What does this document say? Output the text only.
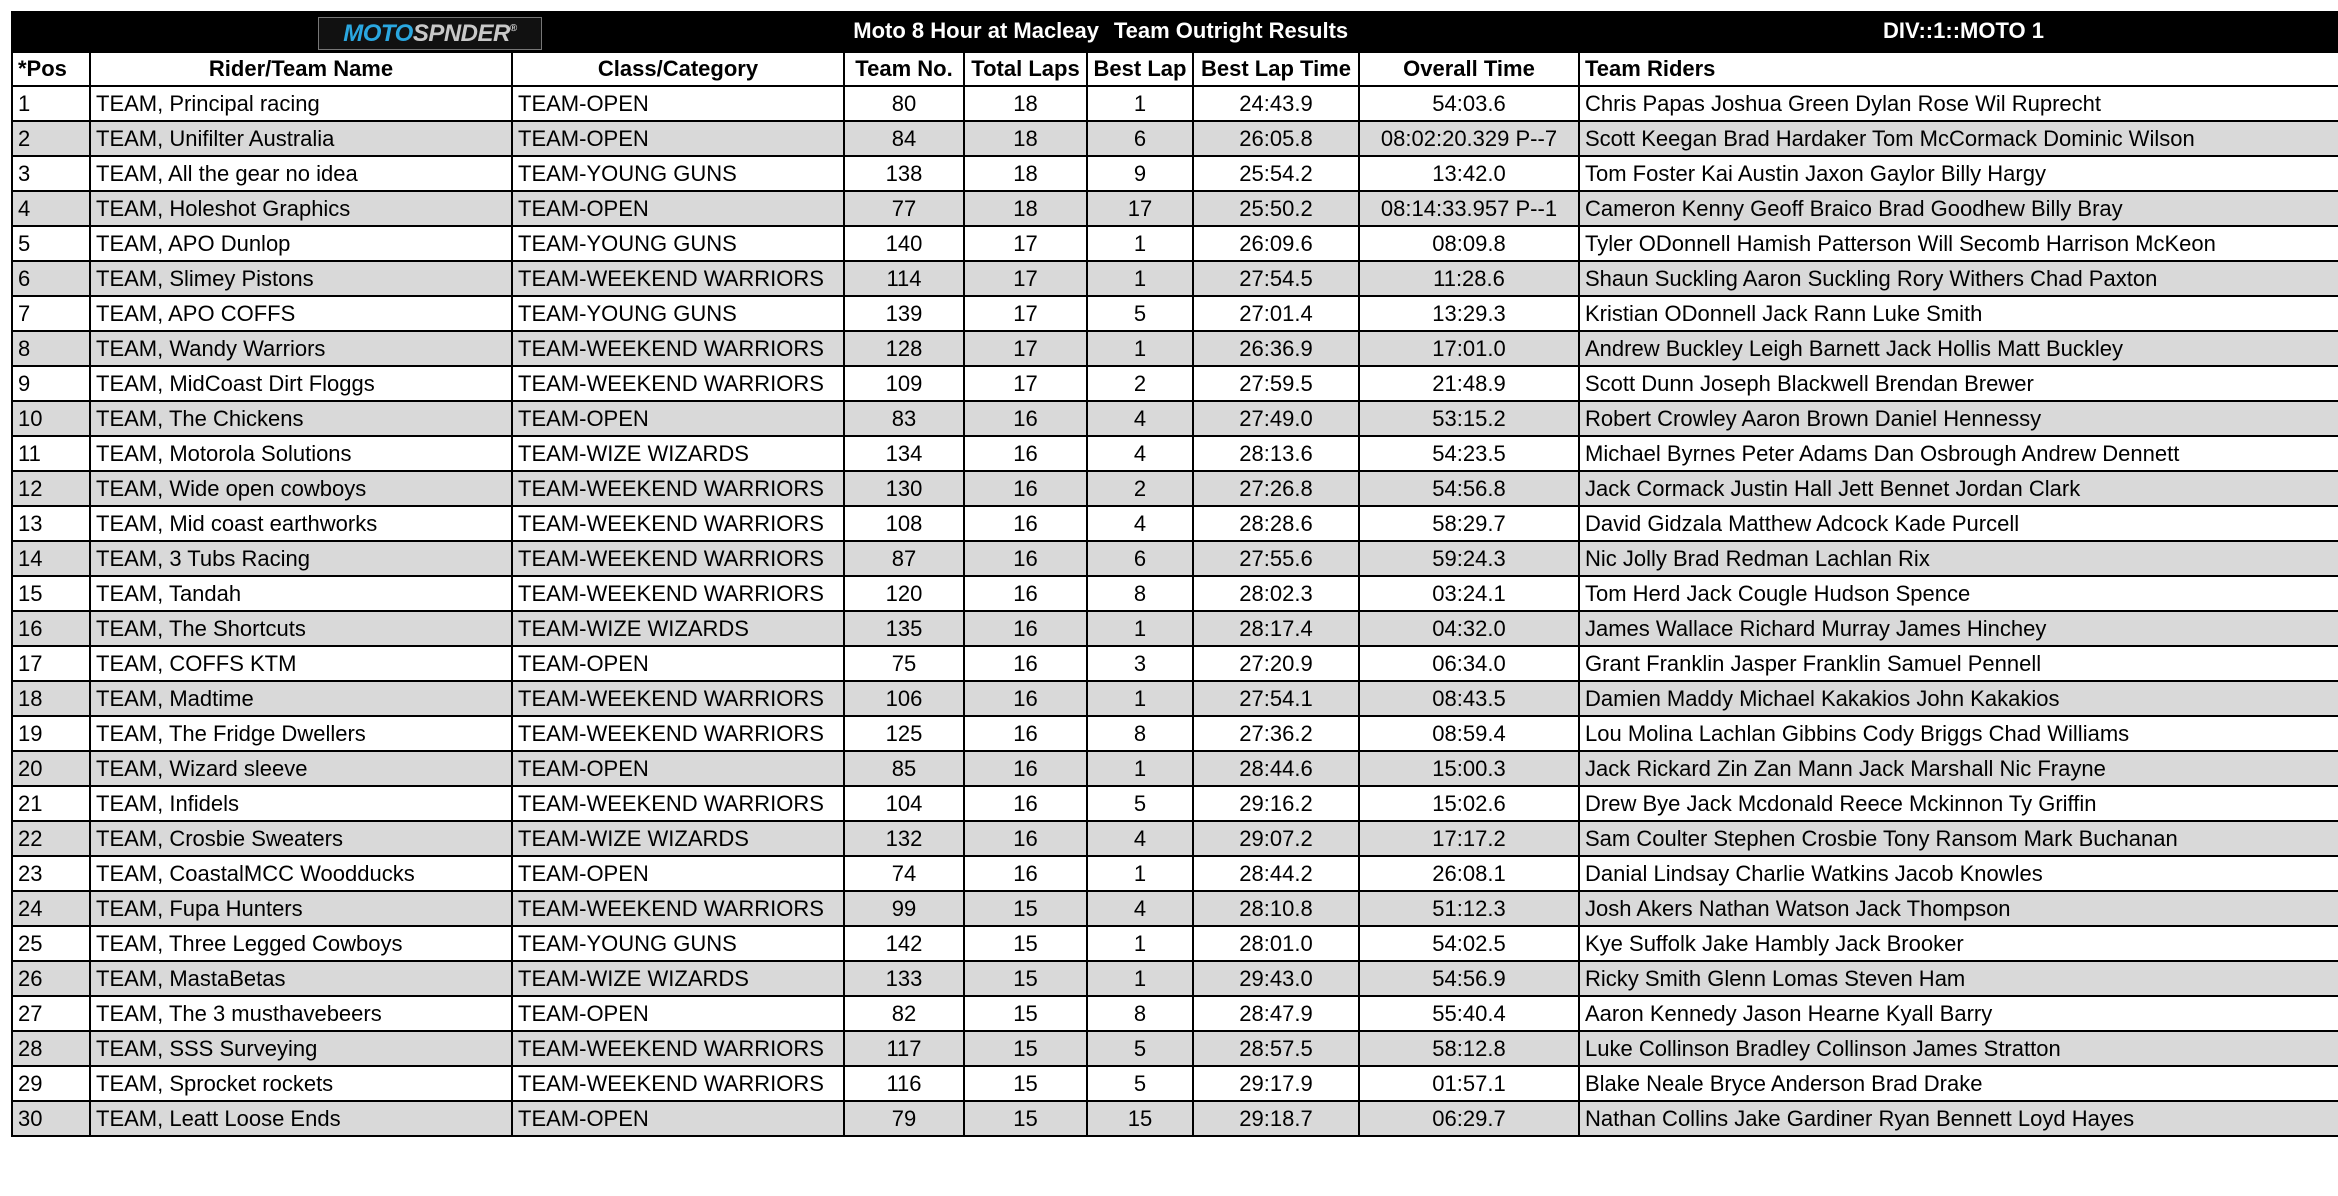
MOTO SP NDER ®	Moto 8 Hour at Macleay Team Outright Results	DIV::1::MOTO 1
*Pos	Rider/Team Name	Class/Category	Team No.	Total Laps	Best Lap	Best Lap Time	Overall Time	Team Riders
1	TEAM, Principal racing	TEAM-OPEN	80	18	1	24:43.9	54:03.6	Chris Papas Joshua Green Dylan Rose Wil Ruprecht
2	TEAM, Unifilter Australia	TEAM-OPEN	84	18	6	26:05.8	08:02:20.329 P--7	Scott Keegan Brad Hardaker Tom McCormack Dominic Wilson
3	TEAM, All the gear no idea	TEAM-YOUNG GUNS	138	18	9	25:54.2	13:42.0	Tom Foster Kai Austin Jaxon Gaylor Billy Hargy
4	TEAM, Holeshot Graphics	TEAM-OPEN	77	18	17	25:50.2	08:14:33.957 P--1	Cameron Kenny Geoff Braico Brad Goodhew Billy Bray
5	TEAM, APO Dunlop	TEAM-YOUNG GUNS	140	17	1	26:09.6	08:09.8	Tyler ODonnell Hamish Patterson Will Secomb Harrison McKeon
6	TEAM, Slimey Pistons	TEAM-WEEKEND WARRIORS	114	17	1	27:54.5	11:28.6	Shaun Suckling Aaron Suckling Rory Withers Chad Paxton
7	TEAM, APO COFFS	TEAM-YOUNG GUNS	139	17	5	27:01.4	13:29.3	Kristian ODonnell Jack Rann Luke Smith
8	TEAM, Wandy Warriors	TEAM-WEEKEND WARRIORS	128	17	1	26:36.9	17:01.0	Andrew Buckley Leigh Barnett Jack Hollis Matt Buckley
9	TEAM, MidCoast Dirt Floggs	TEAM-WEEKEND WARRIORS	109	17	2	27:59.5	21:48.9	Scott Dunn Joseph Blackwell Brendan Brewer
10	TEAM, The Chickens	TEAM-OPEN	83	16	4	27:49.0	53:15.2	Robert Crowley Aaron Brown Daniel Hennessy
11	TEAM, Motorola Solutions	TEAM-WIZE WIZARDS	134	16	4	28:13.6	54:23.5	Michael Byrnes Peter Adams Dan Osbrough Andrew Dennett
12	TEAM, Wide open cowboys	TEAM-WEEKEND WARRIORS	130	16	2	27:26.8	54:56.8	Jack Cormack Justin Hall Jett Bennet Jordan Clark
13	TEAM, Mid coast earthworks	TEAM-WEEKEND WARRIORS	108	16	4	28:28.6	58:29.7	David Gidzala Matthew Adcock Kade Purcell
14	TEAM, 3 Tubs Racing	TEAM-WEEKEND WARRIORS	87	16	6	27:55.6	59:24.3	Nic Jolly Brad Redman Lachlan Rix
15	TEAM, Tandah	TEAM-WEEKEND WARRIORS	120	16	8	28:02.3	03:24.1	Tom Herd Jack Cougle Hudson Spence
16	TEAM, The Shortcuts	TEAM-WIZE WIZARDS	135	16	1	28:17.4	04:32.0	James Wallace Richard Murray James Hinchey
17	TEAM, COFFS KTM	TEAM-OPEN	75	16	3	27:20.9	06:34.0	Grant Franklin Jasper Franklin Samuel Pennell
18	TEAM, Madtime	TEAM-WEEKEND WARRIORS	106	16	1	27:54.1	08:43.5	Damien Maddy Michael Kakakios John Kakakios
19	TEAM, The Fridge Dwellers	TEAM-WEEKEND WARRIORS	125	16	8	27:36.2	08:59.4	Lou Molina Lachlan Gibbins Cody Briggs Chad Williams
20	TEAM, Wizard sleeve	TEAM-OPEN	85	16	1	28:44.6	15:00.3	Jack Rickard Zin Zan Mann Jack Marshall Nic Frayne
21	TEAM, Infidels	TEAM-WEEKEND WARRIORS	104	16	5	29:16.2	15:02.6	Drew Bye Jack Mcdonald Reece Mckinnon Ty Griffin
22	TEAM, Crosbie Sweaters	TEAM-WIZE WIZARDS	132	16	4	29:07.2	17:17.2	Sam Coulter Stephen Crosbie Tony Ransom Mark Buchanan
23	TEAM, CoastalMCC Woodducks	TEAM-OPEN	74	16	1	28:44.2	26:08.1	Danial Lindsay Charlie Watkins Jacob Knowles
24	TEAM, Fupa Hunters	TEAM-WEEKEND WARRIORS	99	15	4	28:10.8	51:12.3	Josh Akers Nathan Watson Jack Thompson
25	TEAM, Three Legged Cowboys	TEAM-YOUNG GUNS	142	15	1	28:01.0	54:02.5	Kye Suffolk Jake Hambly Jack Brooker
26	TEAM, MastaBetas	TEAM-WIZE WIZARDS	133	15	1	29:43.0	54:56.9	Ricky Smith Glenn Lomas Steven Ham
27	TEAM, The 3 musthavebeers	TEAM-OPEN	82	15	8	28:47.9	55:40.4	Aaron Kennedy Jason Hearne Kyall Barry
28	TEAM, SSS Surveying	TEAM-WEEKEND WARRIORS	117	15	5	28:57.5	58:12.8	Luke Collinson Bradley Collinson James Stratton
29	TEAM, Sprocket rockets	TEAM-WEEKEND WARRIORS	116	15	5	29:17.9	01:57.1	Blake Neale Bryce Anderson Brad Drake
30	TEAM, Leatt Loose Ends	TEAM-OPEN	79	15	15	29:18.7	06:29.7	Nathan Collins Jake Gardiner Ryan Bennett Loyd Hayes
